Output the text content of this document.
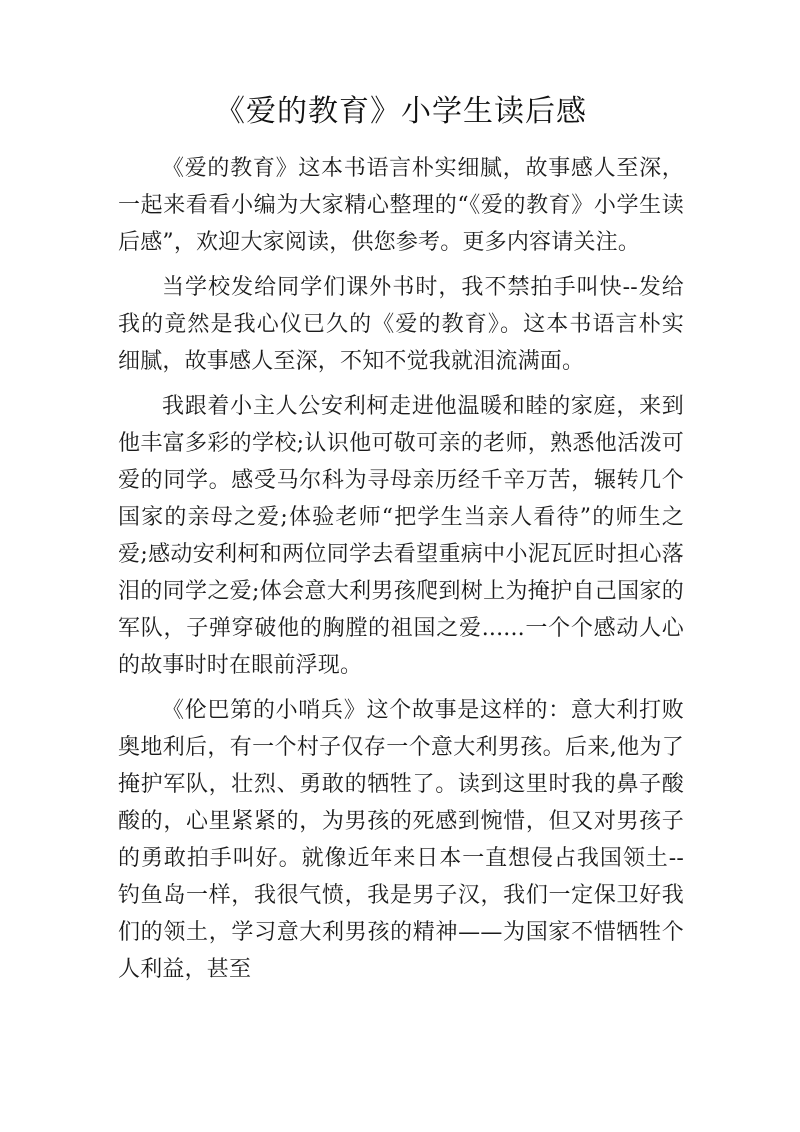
《爱的教育》小学生读后感

《爱的教育》这本书语言朴实细腻，故事感人至深，一起来看看小编为大家精心整理的“《爱的教育》小学生读后感”，欢迎大家阅读，供您参考。更多内容请关注。

当学校发给同学们课外书时，我不禁拍手叫快--发给我的竟然是我心仪已久的《爱的教育》。这本书语言朴实细腻，故事感人至深，不知不觉我就泪流满面。

我跟着小主人公安利柯走进他温暖和睦的家庭，来到他丰富多彩的学校;认识他可敬可亲的老师，熟悉他活泼可爱的同学。感受马尔科为寻母亲历经千辛万苦，辗转几个国家的亲母之爱;体验老师“把学生当亲人看待”的师生之爱;感动安利柯和两位同学去看望重病中小泥瓦匠时担心落泪的同学之爱;体会意大利男孩爬到树上为掩护自己国家的军队，子弹穿破他的胸膛的祖国之爱......一个个感动人心的故事时时在眼前浮现。

《伦巴第的小哨兵》这个故事是这样的：意大利打败奥地利后，有一个村子仅存一个意大利男孩。后来,他为了掩护军队，壮烈、勇敢的牺牲了。读到这里时我的鼻子酸酸的，心里紧紧的，为男孩的死感到惋惜，但又对男孩子的勇敢拍手叫好。就像近年来日本一直想侵占我国领土--钓鱼岛一样，我很气愤，我是男子汉，我们一定保卫好我们的领土，学习意大利男孩的精神——为国家不惜牺牲个人利益，甚至
